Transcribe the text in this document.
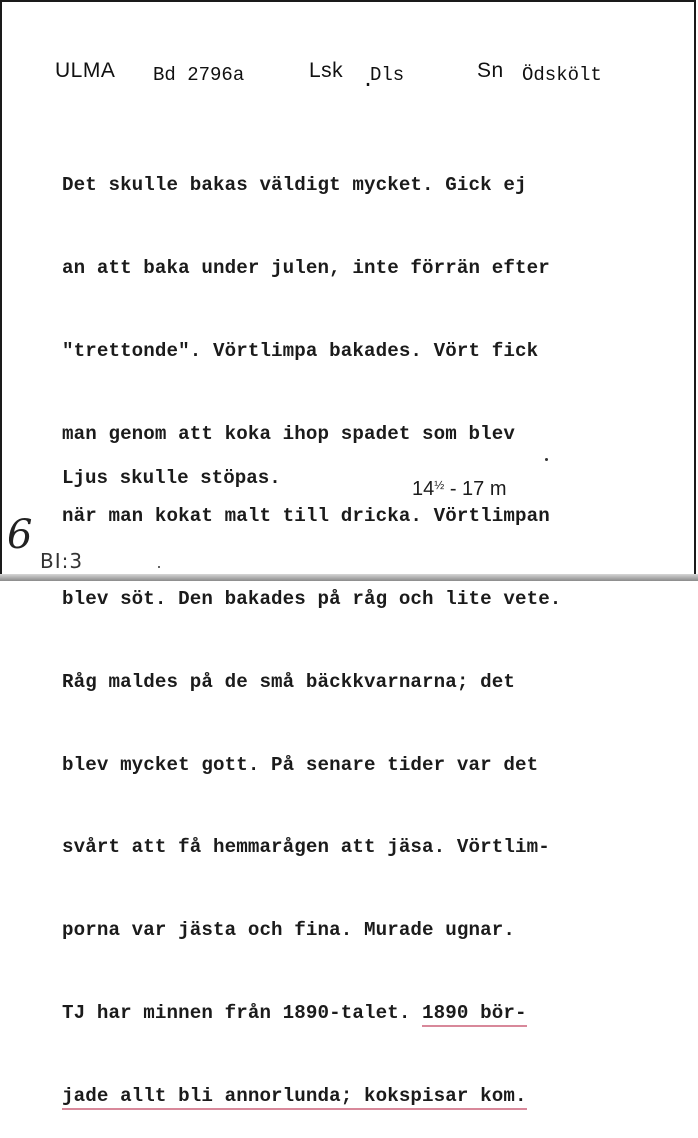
ULMA Bd 2796a	Lsk .
Dls	Sn Ödskölt

Det skulle bakas väldigt mycket. Gick ej

an att baka under julen, inte förrän efter

"trettonde". Vörtlimpa bakades. Vört fick

man genom att koka ihop spadet som blev

när man kokat malt till dricka. Vörtlimpan

blev söt. Den bakades på råg och lite vete.

Råg maldes på de små bäckkvarnarna; det

blev mycket gott. På senare tider var det

svårt att få hemmarågen att jäsa. Vörtlim-

porna var jästa och fina. Murade ugnar.

TJ har minnen från 1890-talet. 1890 bör-

jade allt bli annorlunda; kokspisar kom.

Ljus skulle stöpas.	$14^{\frac{1}{2}} - 17$ m
6
BI:3
